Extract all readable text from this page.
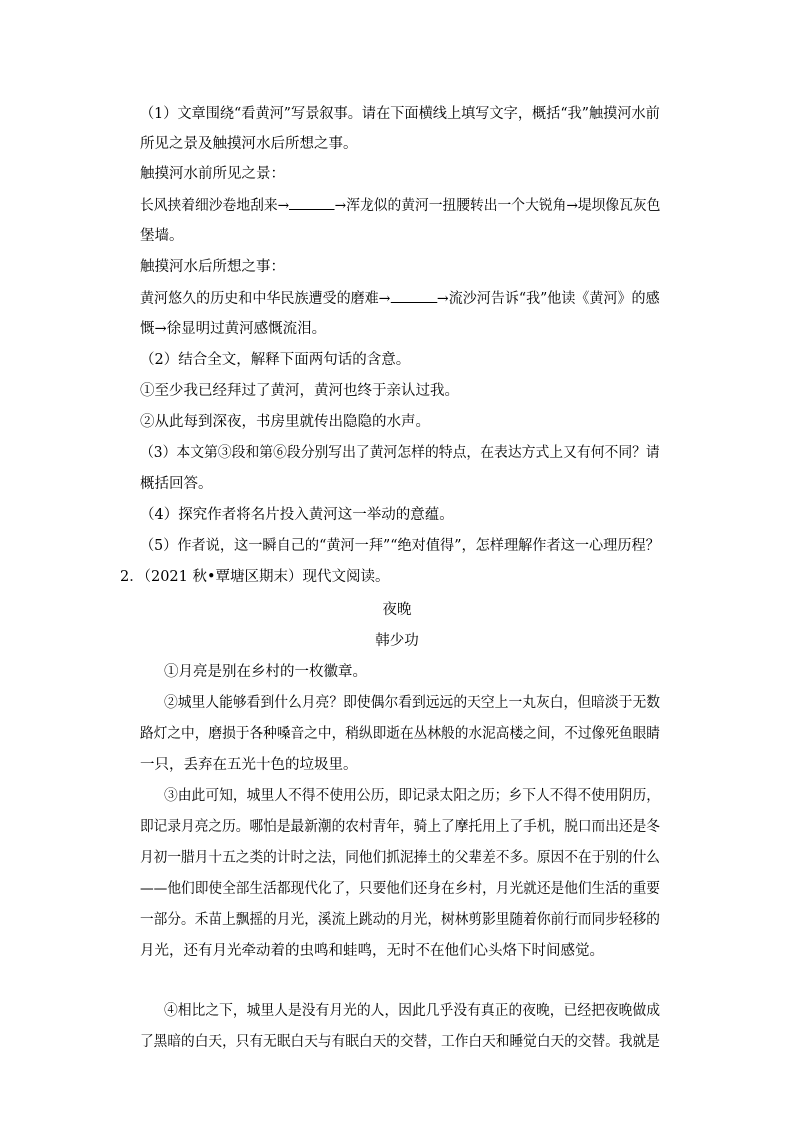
（1）文章围绕“看黄河”写景叙事。请在下面横线上填写文字，概括“我”触摸河水前
所见之景及触摸河水后所想之事。
触摸河水前所见之景：
长风挟着细沙卷地刮来→	→浑龙似的黄河一扭腰转出一个大锐角→堤坝像瓦灰色
堡墙。
触摸河水后所想之事：
黄河悠久的历史和中华民族遭受的磨难→	→流沙河告诉“我”他读《黄河》的感
慨→徐显明过黄河感慨流泪。
（2）结合全文，解释下面两句话的含意。
①至少我已经拜过了黄河，黄河也终于亲认过我。
②从此每到深夜，书房里就传出隐隐的水声。
（3）本文第③段和第⑥段分别写出了黄河怎样的特点，在表达方式上又有何不同？请
概括回答。
（4）探究作者将名片投入黄河这一举动的意蕴。
（5）作者说，这一瞬自己的“黄河一拜”“绝对值得”，怎样理解作者这一心理历程？
2．（2021 秋•覃塘区期末）现代文阅读。
夜晚
韩少功
①月亮是别在乡村的一枚徽章。
②城里人能够看到什么月亮？即使偶尔看到远远的天空上一丸灰白，但暗淡于无数
路灯之中，磨损于各种嗓音之中，稍纵即逝在丛林般的水泥高楼之间，不过像死鱼眼睛
一只，丢弃在五光十色的垃圾里。
③由此可知，城里人不得不使用公历，即记录太阳之历；乡下人不得不使用阴历，
即记录月亮之历。哪怕是最新潮的农村青年，骑上了摩托用上了手机，脱口而出还是冬
月初一腊月十五之类的计时之法，同他们抓泥捧土的父辈差不多。原因不在于别的什么
——他们即使全部生活都现代化了，只要他们还身在乡村，月光就还是他们生活的重要
一部分。禾苗上飘摇的月光，溪流上跳动的月光，树林剪影里随着你前行而同步轻移的
月光，还有月光牵动着的虫鸣和蛙鸣，无时不在他们心头烙下时间感觉。
④相比之下，城里人是没有月光的人，因此几乎没有真正的夜晚，已经把夜晚做成
了黑暗的白天，只有无眠白天与有眠白天的交替，工作白天和睡觉白天的交替。我就是
